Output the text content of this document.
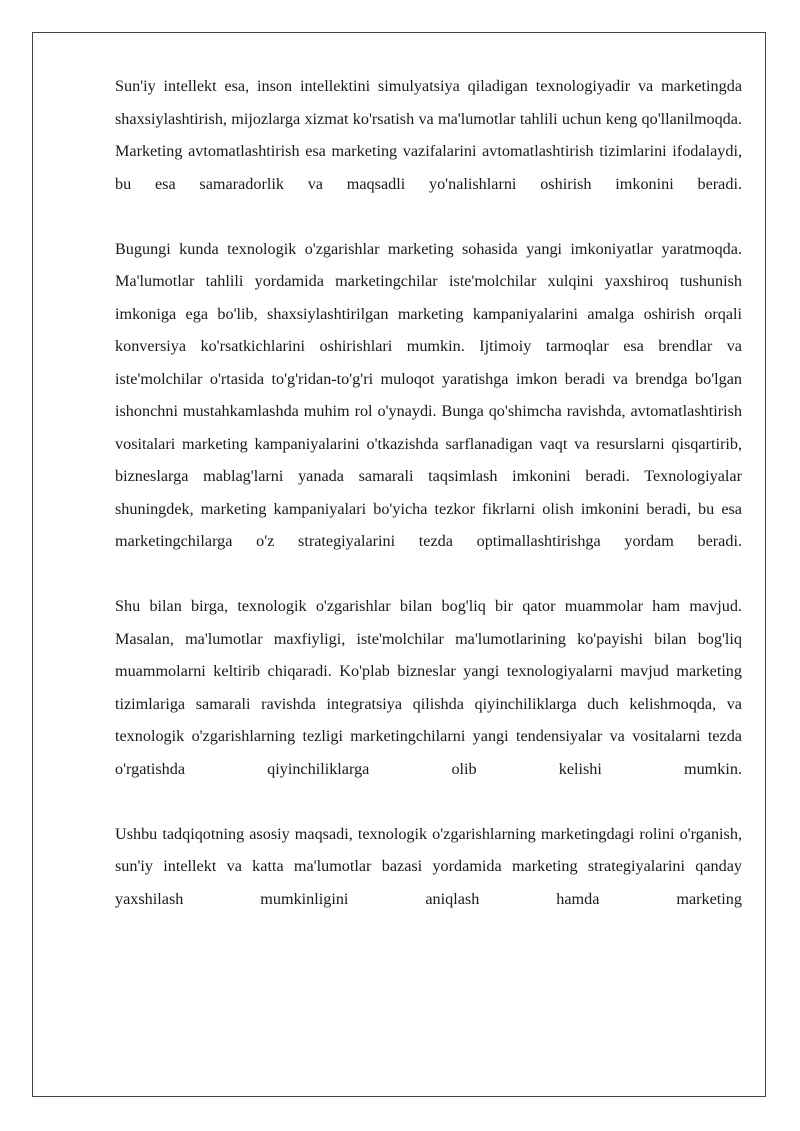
Sun'iy intellekt esa, inson intellektini simulyatsiya qiladigan texnologiyadir va marketingda shaxsiylashtirish, mijozlarga xizmat ko'rsatish va ma'lumotlar tahlili uchun keng qo'llanilmoqda. Marketing avtomatlashtirish esa marketing vazifalarini avtomatlashtirish tizimlarini ifodalaydi, bu esa samaradorlik va maqsadli yo'nalishlarni oshirish imkonini beradi.

Bugungi kunda texnologik o'zgarishlar marketing sohasida yangi imkoniyatlar yaratmoqda. Ma'lumotlar tahlili yordamida marketingchilar iste'molchilar xulqini yaxshiroq tushunish imkoniga ega bo'lib, shaxsiylashtirilgan marketing kampaniyalarini amalga oshirish orqali konversiya ko'rsatkichlarini oshirishlari mumkin. Ijtimoiy tarmoqlar esa brendlar va iste'molchilar o'rtasida to'g'ridan-to'g'ri muloqot yaratishga imkon beradi va brendga bo'lgan ishonchni mustahkamlashda muhim rol o'ynaydi. Bunga qo'shimcha ravishda, avtomatlashtirish vositalari marketing kampaniyalarini o'tkazishda sarflanadigan vaqt va resurslarni qisqartirib, bizneslarga mablag'larni yanada samarali taqsimlash imkonini beradi. Texnologiyalar shuningdek, marketing kampaniyalari bo'yicha tezkor fikrlarni olish imkonini beradi, bu esa marketingchilarga o'z strategiyalarini tezda optimallashtirishga yordam beradi.

Shu bilan birga, texnologik o'zgarishlar bilan bog'liq bir qator muammolar ham mavjud. Masalan, ma'lumotlar maxfiyligi, iste'molchilar ma'lumotlarining ko'payishi bilan bog'liq muammolarni keltirib chiqaradi. Ko'plab bizneslar yangi texnologiyalarni mavjud marketing tizimlariga samarali ravishda integratsiya qilishda qiyinchiliklarga duch kelishmoqda, va texnologik o'zgarishlarning tezligi marketingchilarni yangi tendensiyalar va vositalarni tezda o'rgatishda qiyinchiliklarga olib kelishi mumkin.

Ushbu tadqiqotning asosiy maqsadi, texnologik o'zgarishlarning marketingdagi rolini o'rganish, sun'iy intellekt va katta ma'lumotlar bazasi yordamida marketing strategiyalarini qanday yaxshilash mumkinligini aniqlash hamda marketing
